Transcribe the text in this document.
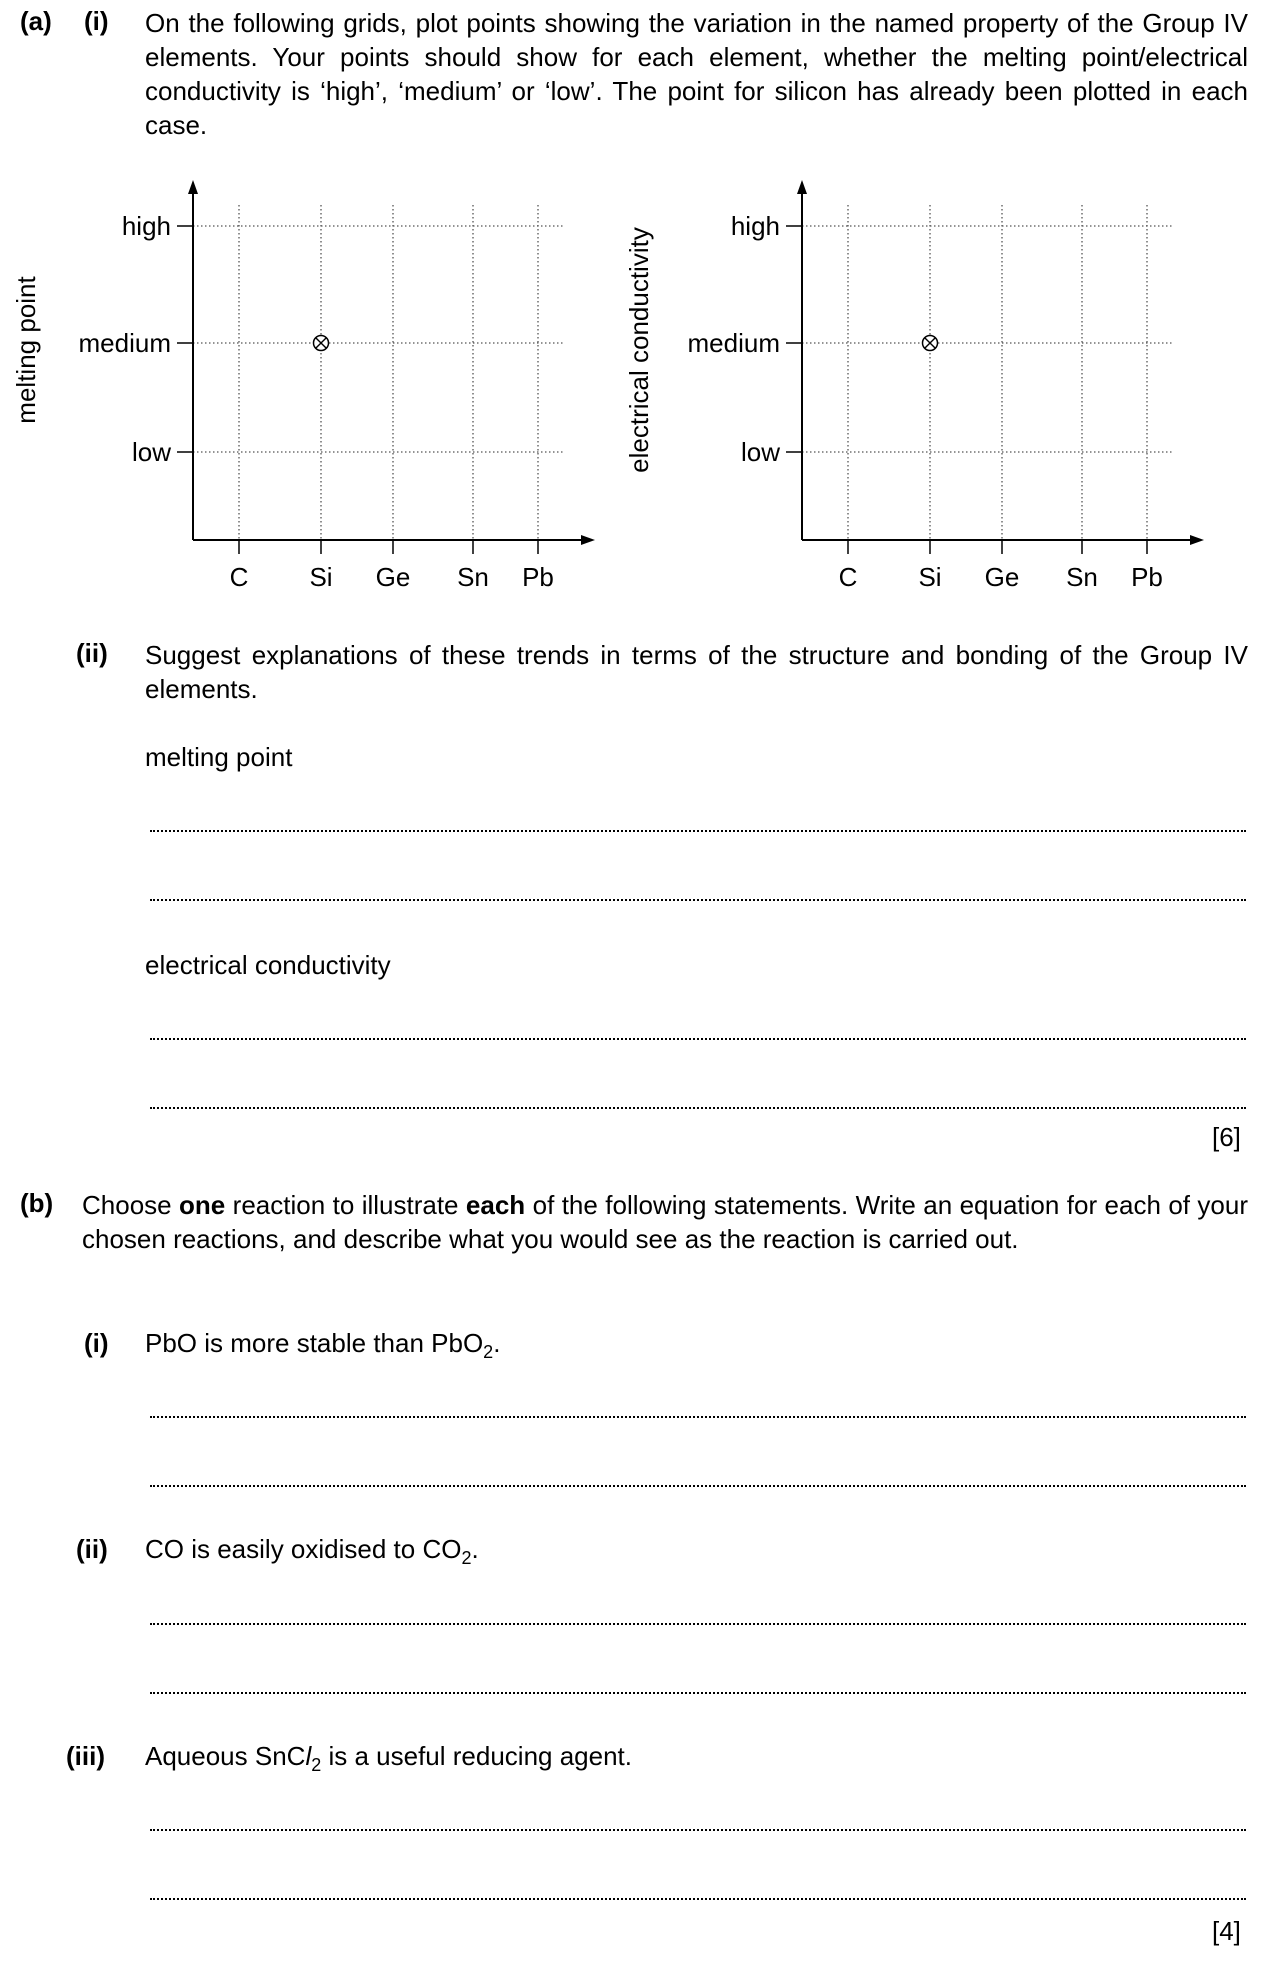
(a) (i) On the following grids, plot points showing the variation in the named property of the Group IV elements. Your points should show for each element, whether the melting point/electrical conductivity is ‘high’, ‘medium’ or ‘low’. The point for silicon has already been plotted in each case.
low
medium
high
C Si Ge Sn Pb
melting point
low
medium
high
C Si Ge Sn Pb
electrical conductivity
(ii) Suggest explanations of these trends in terms of the structure and bonding of the Group IV elements.
melting point
electrical conductivity
[6]
(b) Choose one reaction to illustrate each of the following statements. Write an equation for each of your chosen reactions, and describe what you would see as the reaction is carried out.
(i) PbO is more stable than PbO$_2$.
(ii) CO is easily oxidised to $CO_2$.
(iii) Aqueous SnCl$_2$ is a useful reducing agent.
[4]
